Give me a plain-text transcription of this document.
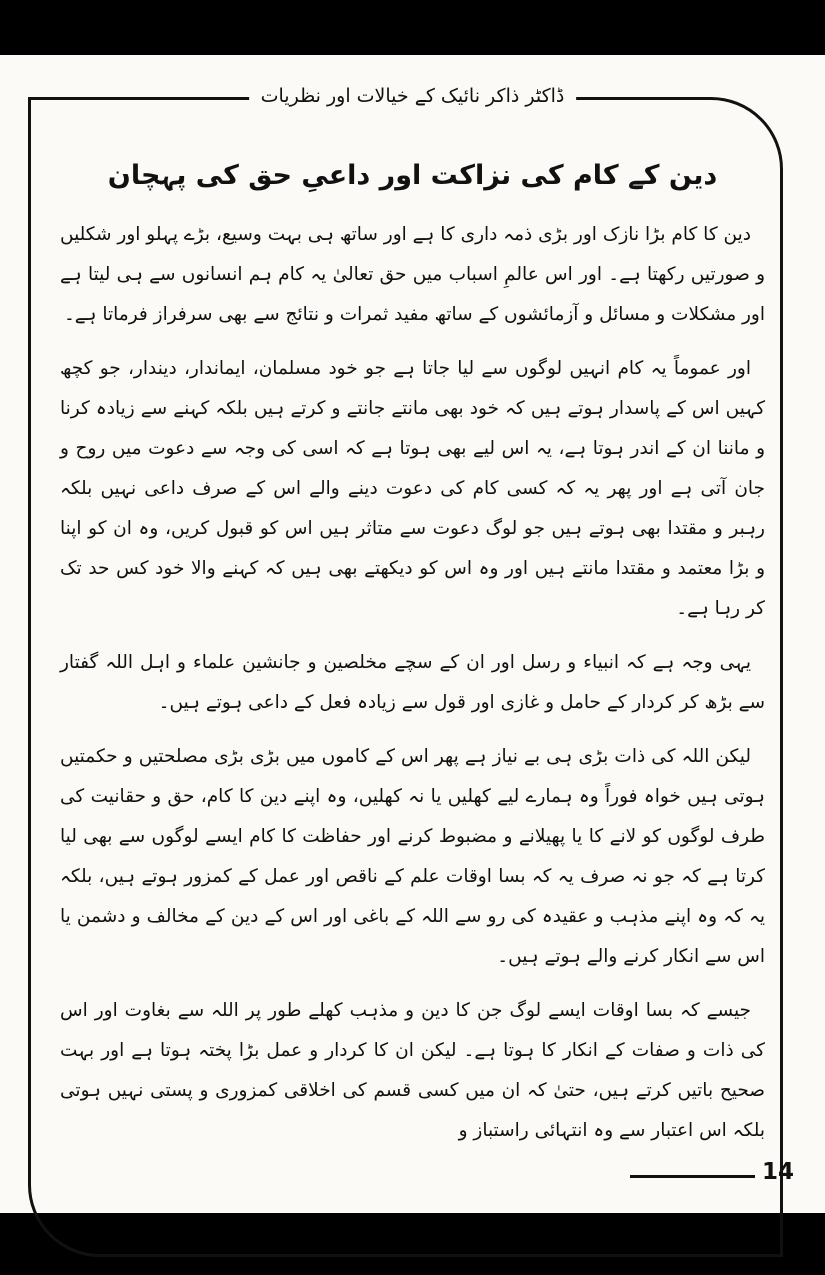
ڈاکٹر ذاکر نائیک کے خیالات اور نظریات
دین کے کام کی نزاکت اور داعیِ حق کی پہچان

دین کا کام بڑا نازک اور بڑی ذمہ داری کا ہے اور ساتھ ہی بہت وسیع، بڑے پہلو اور شکلیں و صورتیں رکھتا ہے۔ اور اس عالمِ اسباب میں حق تعالیٰ یہ کام ہم انسانوں سے ہی لیتا ہے اور مشکلات و مسائل و آزمائشوں کے ساتھ مفید ثمرات و نتائج سے بھی سرفراز فرماتا ہے۔

اور عموماً یہ کام انہیں لوگوں سے لیا جاتا ہے جو خود مسلمان، ایماندار، دیندار، جو کچھ کہیں اس کے پاسدار ہوتے ہیں کہ خود بھی مانتے جانتے و کرتے ہیں بلکہ کہنے سے زیادہ کرنا و ماننا ان کے اندر ہوتا ہے، یہ اس لیے بھی ہوتا ہے کہ اسی کی وجہ سے دعوت میں روح و جان آتی ہے اور پھر یہ کہ کسی کام کی دعوت دینے والے اس کے صرف داعی نہیں بلکہ رہبر و مقتدا بھی ہوتے ہیں جو لوگ دعوت سے متاثر ہیں اس کو قبول کریں، وہ ان کو اپنا و بڑا معتمد و مقتدا مانتے ہیں اور وہ اس کو دیکھتے بھی ہیں کہ کہنے والا خود کس حد تک کر رہا ہے۔

یہی وجہ ہے کہ انبیاء و رسل اور ان کے سچے مخلصین و جانشین علماء و اہل اللہ گفتار سے بڑھ کر کردار کے حامل و غازی اور قول سے زیادہ فعل کے داعی ہوتے ہیں۔

لیکن اللہ کی ذات بڑی ہی بے نیاز ہے پھر اس کے کاموں میں بڑی بڑی مصلحتیں و حکمتیں ہوتی ہیں خواہ فوراً وہ ہمارے لیے کھلیں یا نہ کھلیں، وہ اپنے دین کا کام، حق و حقانیت کی طرف لوگوں کو لانے کا یا پھیلانے و مضبوط کرنے اور حفاظت کا کام ایسے لوگوں سے بھی لیا کرتا ہے کہ جو نہ صرف یہ کہ بسا اوقات علم کے ناقص اور عمل کے کمزور ہوتے ہیں، بلکہ یہ کہ وہ اپنے مذہب و عقیدہ کی رو سے اللہ کے باغی اور اس کے دین کے مخالف و دشمن یا اس سے انکار کرنے والے ہوتے ہیں۔

جیسے کہ بسا اوقات ایسے لوگ جن کا دین و مذہب کھلے طور پر اللہ سے بغاوت اور اس کی ذات و صفات کے انکار کا ہوتا ہے۔ لیکن ان کا کردار و عمل بڑا پختہ ہوتا ہے اور بہت صحیح باتیں کرتے ہیں، حتیٰ کہ ان میں کسی قسم کی اخلاقی کمزوری و پستی نہیں ہوتی بلکہ اس اعتبار سے وہ انتہائی راستباز و

14
